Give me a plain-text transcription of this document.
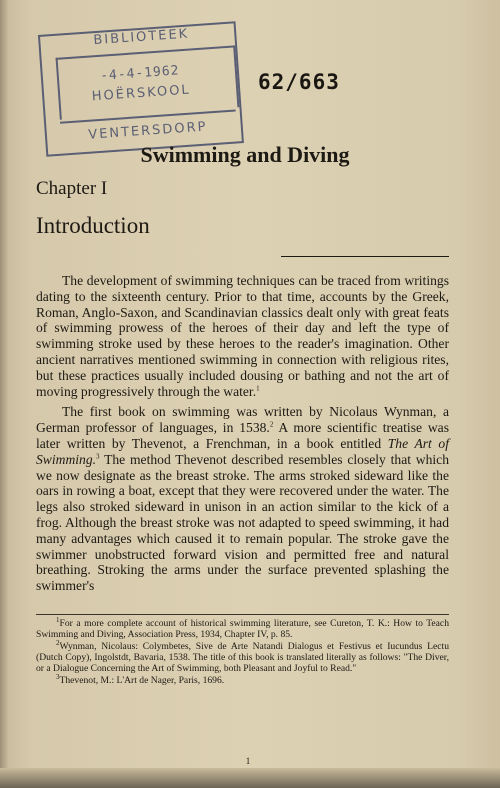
BIBLIOTEEK
-4-4-1962
HOËRSKOOL
VENTERSDORP
62/663
Swimming and Diving
Chapter I
Introduction

The development of swimming techniques can be traced from writings dating to the sixteenth century. Prior to that time, accounts by the Greek, Roman, Anglo-Saxon, and Scandinavian classics dealt only with great feats of swimming prowess of the heroes of their day and left the type of swimming stroke used by these heroes to the reader's imagination. Other ancient narratives mentioned swimming in connection with religious rites, but these practices usually included dousing or bathing and not the art of moving progressively through the water.$^1$

The first book on swimming was written by Nicolaus Wynman, a German professor of languages, in 1538.$^2$ A more scientific treatise was later written by Thevenot, a Frenchman, in a book entitled The Art of Swimming.$^3$ The method Thevenot described resembles closely that which we now designate as the breast stroke. The arms stroked sideward like the oars in rowing a boat, except that they were recovered under the water. The legs also stroked sideward in unison in an action similar to the kick of a frog. Although the breast stroke was not adapted to speed swimming, it had many advantages which caused it to remain popular. The stroke gave the swimmer unobstructed forward vision and permitted free and natural breathing. Stroking the arms under the surface prevented splashing the swimmer's

$^1$For a more complete account of historical swimming literature, see Cureton, T. K.: How to Teach Swimming and Diving, Association Press, 1934, Chapter IV, p. 85.

$^2$Wynman, Nicolaus: Colymbetes, Sive de Arte Natandi Dialogus et Festivus et Iucundus Lectu (Dutch Copy), Ingolstdt, Bavaria, 1538. The title of this book is translated literally as follows: "The Diver, or a Dialogue Concerning the Art of Swimming, both Pleasant and Joyful to Read."

$^3$Thevenot, M.: L'Art de Nager, Paris, 1696.

1
